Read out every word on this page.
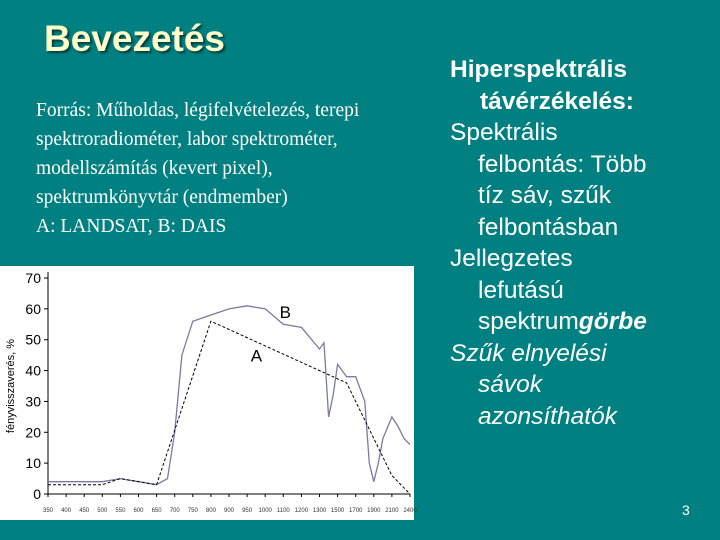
Bevezetés
Forrás: Műholdas, légifelvételezés, terepi
spektroradiométer, labor spektrométer,
modellszámítás (kevert pixel),
spektrumkönyvtár (endmember)
A: LANDSAT, B: DAIS

Hiperspektrális
távérzékelés:

Spektrális
felbontás: Több
tíz sáv, szűk
felbontásban

Jellegzetes
lefutású
spektrumgörbe

Szűk elnyelési
sávok
azonsíthatók

0
10
20
30
40
50
60
70
350 400 450 500 550 600 650 700 750 800 900 950 1000 1100 1200 1300 1500 1700 1900 2100 2400
fényvisszaverés, %
B
A
3
